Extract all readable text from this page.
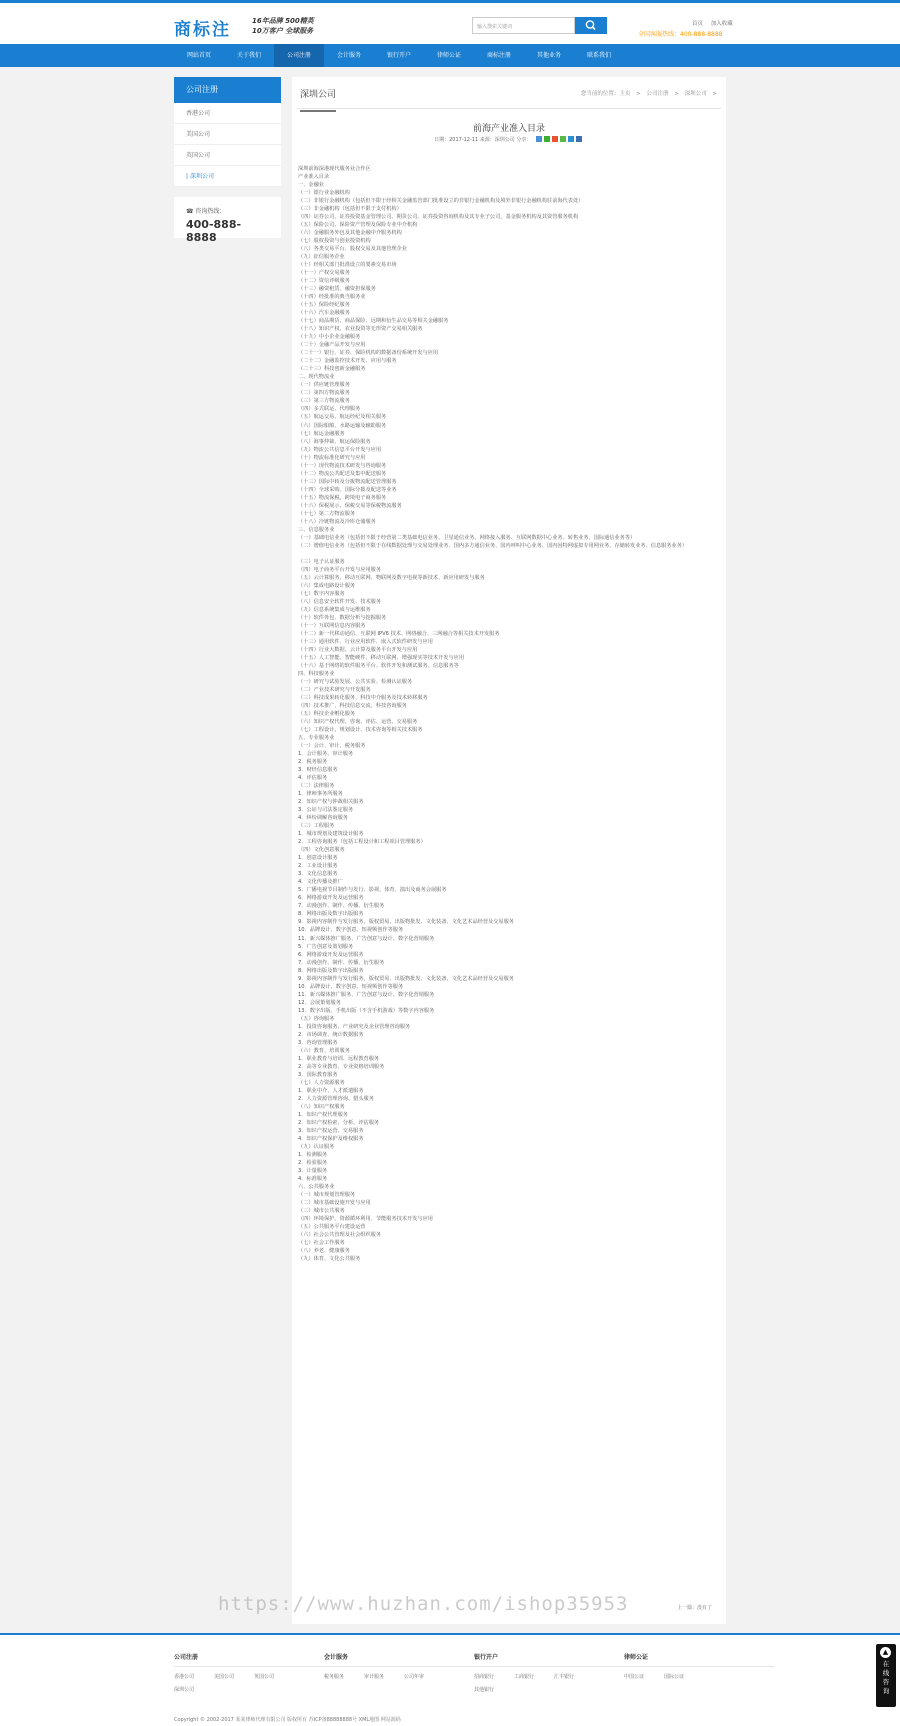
商标注	16年品牌 500精英
10万客户 全球服务	输入搜索关键词	首页 加入收藏
全国客服热线：400-888-8888
网站首页	关于我们	公司注册	会计服务	银行开户	律师公证	商标注册	其他业务	联系我们
公司注册
香港公司
美国公司
英国公司
| 深圳公司
☎ 咨询热线：
400-888-8888
深圳公司	您当前的位置：主页 > 公司注册 > 深圳公司 >
前海产业准入目录
日期：2017-12-11 来源：深圳公司 分享：
深圳前海深港现代服务业合作区
产业准入目录
一、金融业
（一）银行业金融机构
（二）非银行金融机构（包括但不限于经相关金融监管部门批准设立的非银行金融机构及境外非银行金融机构驻前海代表处）
（三）非金融机构（包括但不限于支付机构）
（四）证券公司、证券投资基金管理公司、期货公司、证券投资咨询机构及其专业子公司，基金服务机构及其资管服务机构
（五）保险公司、保险资产管理及保险专业中介机构
（六）金融服务外包及其他金融中介服务机构
（七）股权投资与创业投资机构
（八）各类交易平台、股权交易及其他管理企业
（九）征信服务企业
（十）经相关部门批准设立的要素交易市场
（十一）产权交易服务
（十二）资信评级服务
（十三）融资租赁、融资担保服务
（十四）经批准的典当服务业
（十五）保险经纪服务
（十六）汽车金融服务
（十七）商品期货、商品保险、远期和衍生品交易等相关金融服务
（十八）知识产权、农业投资等无形资产交易相关服务
（十九）中小企业金融服务
（二十）金融产品开发与应用
（二十一）银行、证券、保险机构的数据备份系统开发与应用
（二十二）金融监控技术开发、应用与服务
（二十三）科技创新金融服务
二、现代物流业
（一）供应链管理服务
（二）第四方物流服务
（三）第三方物流服务
（四）多式联运、代理服务
（五）航运交易、航运经纪及相关服务
（六）国际船舶、水路运输及辅助服务
（七）航运金融服务
（八）海事仲裁、航运保险服务
（九）物流公共信息平台开发与应用
（十）物流标准化研究与应用
（十一）现代物流技术研发与咨询服务
（十二）物流公共配送及集中配送服务
（十三）国际中转及分拨物流配送管理服务
（十四）全球采购、国际分拨及配送等业务
（十五）物流保税、跨境电子商务服务
（十六）保税展示、保税交易等保税物流服务
（十七）第二方物流服务
（十八）冷链物流及冷库仓储服务
三、信息服务业
（一）基础电信业务（包括但不限于经营第二类基础电信业务、卫星通信业务、网络接入服务、互联网数据中心业务、转售业务、国际通信业务等）
（二）增值电信业务（包括但不限于在线数据处理与交易处理业务、国内多方通信业务、国内呼叫中心业务、国内因特网虚拟专用网业务、存储转发业务、信息服务业务）
（三）电子认证服务
（四）电子商务平台开发与应用服务
（五）云计算服务、移动互联网、物联网及数字电视等新技术、新应用研发与服务
（六）集成电路设计服务
（七）数字内容服务
（八）信息安全软件开发、技术服务
（九）信息系统集成与运维服务
（十）软件外包、数据分析与挖掘服务
（十一）互联网信息内容服务
（十二）新一代移动通信、互联网 IPV6 技术、网络融合、三网融合等相关技术开发服务
（十三）通用软件、行业应用软件、嵌入式软件研发与应用
（十四）行业大数据、云计算及服务平台开发与应用
（十五）人工智能、智能硬件、移动互联网、增强现实等技术开发与应用
（十六）基于网络的软件服务平台、软件开发和测试服务、信息服务等
四、科技服务业
（一）研究与试验发展、公共实验、检测认证服务
（二）产业技术研究与开发服务
（三）科技成果转化服务、科技中介服务及技术转移服务
（四）技术推广、科技信息交流、科技咨询服务
（五）科技企业孵化服务
（六）知识产权代理、咨询、评估、运营、交易服务
（七）工程设计、规划设计、技术咨询等相关技术服务
五、专业服务业
（一）会计、审计、税务服务
1．会计服务、审计服务
2．税务服务
3．财经信息服务
4．评估服务
（二）法律服务
1．律师事务所服务
2．知识产权与仲裁相关服务
3．公证与司法鉴定服务
4．纠纷调解咨询服务
（三）工程服务
1．城市规划及建筑设计服务
2．工程咨询服务（包括工程设计和工程项目管理服务）
（四）文化创意服务
1．创意设计服务
2．工业设计服务
3．文化信息服务
4．文化传播及推广
5．广播电视节目制作与发行、影视、体育、演出及商务会展服务
6．网络游戏开发及运营服务
7．动漫创作、制作、传播、衍生服务
8．网络出版及数字出版服务
9．影视内容制作与发行服务，版权贸易、出版物批发、文化装备、文化艺术品经营及交易服务
10．品牌设计、数字创意、短视频创作等服务
11．新兴媒体推广服务、广告创意与设计、数字化营销服务
5．广告创意及策划服务
6．网络游戏开发及运营服务
7．动漫创作、制作、传播、衍生服务
8．网络出版及数字出版服务
9．影视内容制作与发行服务，版权贸易、出版物批发、文化装备、文化艺术品经营及交易服务
10．品牌设计、数字创意、短视频创作等服务
11．新兴媒体推广服务、广告创意与设计、数字化营销服务
12．会展策划服务
13．数字出版、手机出版（不含手机游戏）等数字内容服务
（五）咨询服务
1．投资咨询服务、产业研究及企业管理咨询服务
2．市场调查、统计数据服务
3．咨询管理服务
（六）教育、培训服务
1．职业教育与培训、远程教育服务
2．高等专业教育、专业资格培训服务
3．国际教育服务
（七）人力资源服务
1．职业中介、人才派遣服务
2．人力资源管理咨询、猎头服务
（八）知识产权服务
1．知识产权代理服务
2．知识产权检索、分析、评估服务
3．知识产权运营、交易服务
4．知识产权保护及维权服务
（九）认证服务
1．检测服务
2．检验服务
3．计量服务
4．标准服务
六、公共服务业
（一）城市规划管理服务
（二）城市基础设施开发与应用
（三）城市公共服务
（四）环境保护、资源循环利用、节能服务技术开发与应用
（五）公共服务平台建设运营
（六）社会公共管理及社会组织服务
（七）社会工作服务
（八）养老、健康服务
（九）体育、文化公共服务
上一篇：没有了
https://www.huzhan.com/ishop35953
公司注册
香港公司	美国公司	英国公司深圳公司
会计服务
税务服务	审计服务	公司年审
银行开户
招商银行	工商银行	汇丰银行其他银行
律师公证
中国公证	国际公证
Copyright © 2002-2017 某某律师代理有限公司 版权所有 苏ICP备88888888号 XML地图 网站源码
▲
在线咨询
